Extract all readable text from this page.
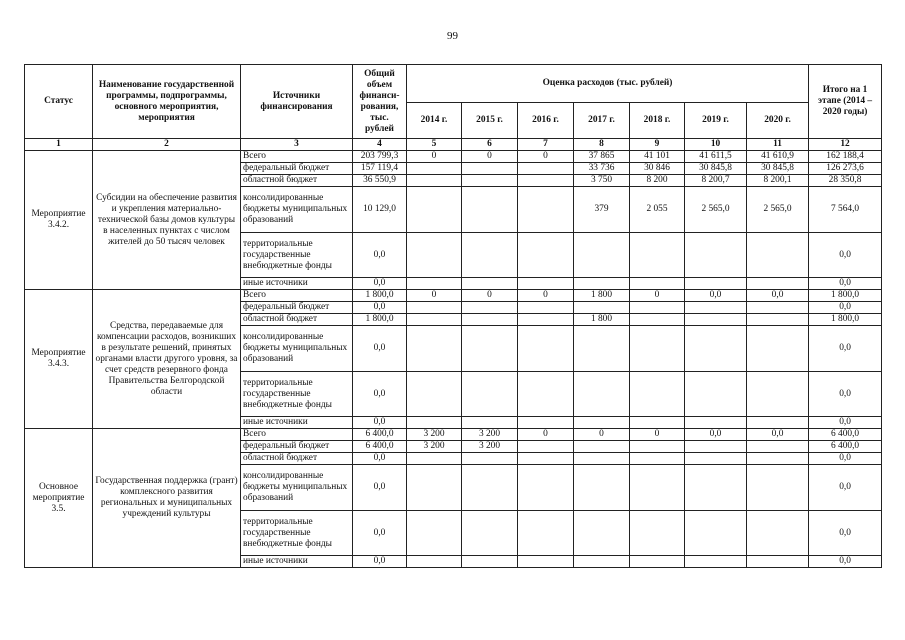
99
Статус	Наименование государственной программы, подпрограммы, основного мероприятия, мероприятия	Источники финансирования	Общий объем финанси-рования, тыс. рублей	Оценка расходов (тыс. рублей)							Итого на 1 этапе (2014 – 2020 годы)
				2014 г.	2015 г.	2016 г.	2017 г.	2018 г.	2019 г.	2020 г.	
1	2	3	4	5	6	7	8	9	10	11	12
Мероприятие 3.4.2.	Субсидии на обеспечение развития и укрепления материально-технической базы домов культуры в населенных пунктах с числом жителей до 50 тысяч человек	Всего	203 799,3	0	0	0	37 865	41 101	41 611,5	41 610,9	162 188,4
		федеральный бюджет	157 119,4				33 736	30 846	30 845,8	30 845,8	126 273,6
		областной бюджет	36 550,9				3 750	8 200	8 200,7	8 200,1	28 350,8
		консолидированные бюджеты муниципальных образований	10 129,0				379	2 055	2 565,0	2 565,0	7 564,0
		территориальные государственные внебюджетные фонды	0,0								0,0
		иные источники	0,0								0,0
Мероприятие 3.4.3.	Средства, передаваемые для компенсации расходов, возникших в результате решений, принятых органами власти другого уровня, за счет средств резервного фонда Правительства Белгородской области	Всего	1 800,0	0	0	0	1 800	0	0,0	0,0	1 800,0
		федеральный бюджет	0,0								0,0
		областной бюджет	1 800,0				1 800				1 800,0
		консолидированные бюджеты муниципальных образований	0,0								0,0
		территориальные государственные внебюджетные фонды	0,0								0,0
		иные источники	0,0								0,0
Основное мероприятие 3.5.	Государственная поддержка (грант) комплексного развития региональных и муниципальных учреждений культуры	Всего	6 400,0	3 200	3 200	0	0	0	0,0	0,0	6 400,0
		федеральный бюджет	6 400,0	3 200	3 200						6 400,0
		областной бюджет	0,0								0,0
		консолидированные бюджеты муниципальных образований	0,0								0,0
		территориальные государственные внебюджетные фонды	0,0								0,0
		иные источники	0,0								0,0
